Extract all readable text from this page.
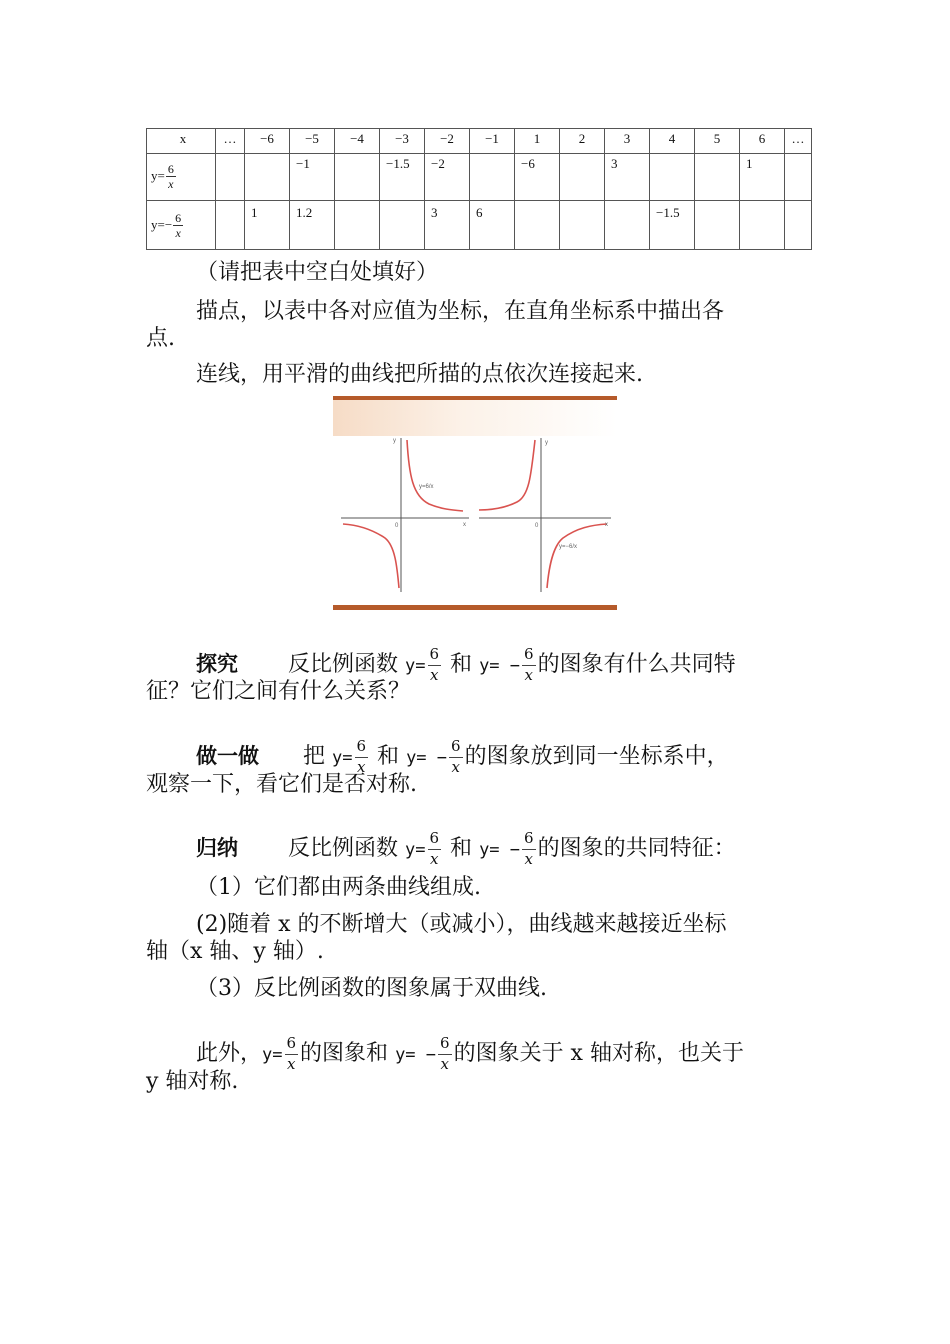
x	…	−6	−5	−4	−3	−2	−1	1	2	3	4	5	6	…

$y= \frac{6}{x}$			−1		−1.5	−2		−6		3			1	

$y=- \frac{6}{x}$		1	1.2			3	6				−1.5			
（请把表中空白处填好）
描点，以表中各对应值为坐标，在直角坐标系中描出各
点.
连线，用平滑的曲线把所描的点依次连接起来.
y
0	x
y=6/x
y
0	x
y=−6/x
探究 反比例函数 $y= \frac{6}{x}$ 和 $y= - \frac{6}{x}$ 的图象有什么共同特
征？它们之间有什么关系？
做一做 把 $y= \frac{6}{x}$ 和 $y= - \frac{6}{x}$ 的图象放到同一坐标系中，
观察一下，看它们是否对称.
归纳 反比例函数 $y= \frac{6}{x}$ 和 $y= - \frac{6}{x}$ 的图象的共同特征：
（1）它们都由两条曲线组成.
(2)随着 x 的不断增大（或减小），曲线越来越接近坐标
轴（x 轴、y 轴）.
（3）反比例函数的图象属于双曲线.
此外，$y= \frac{6}{x}$ 的图象和 $y= - \frac{6}{x}$ 的图象关于 x 轴对称，也关于
y 轴对称.
